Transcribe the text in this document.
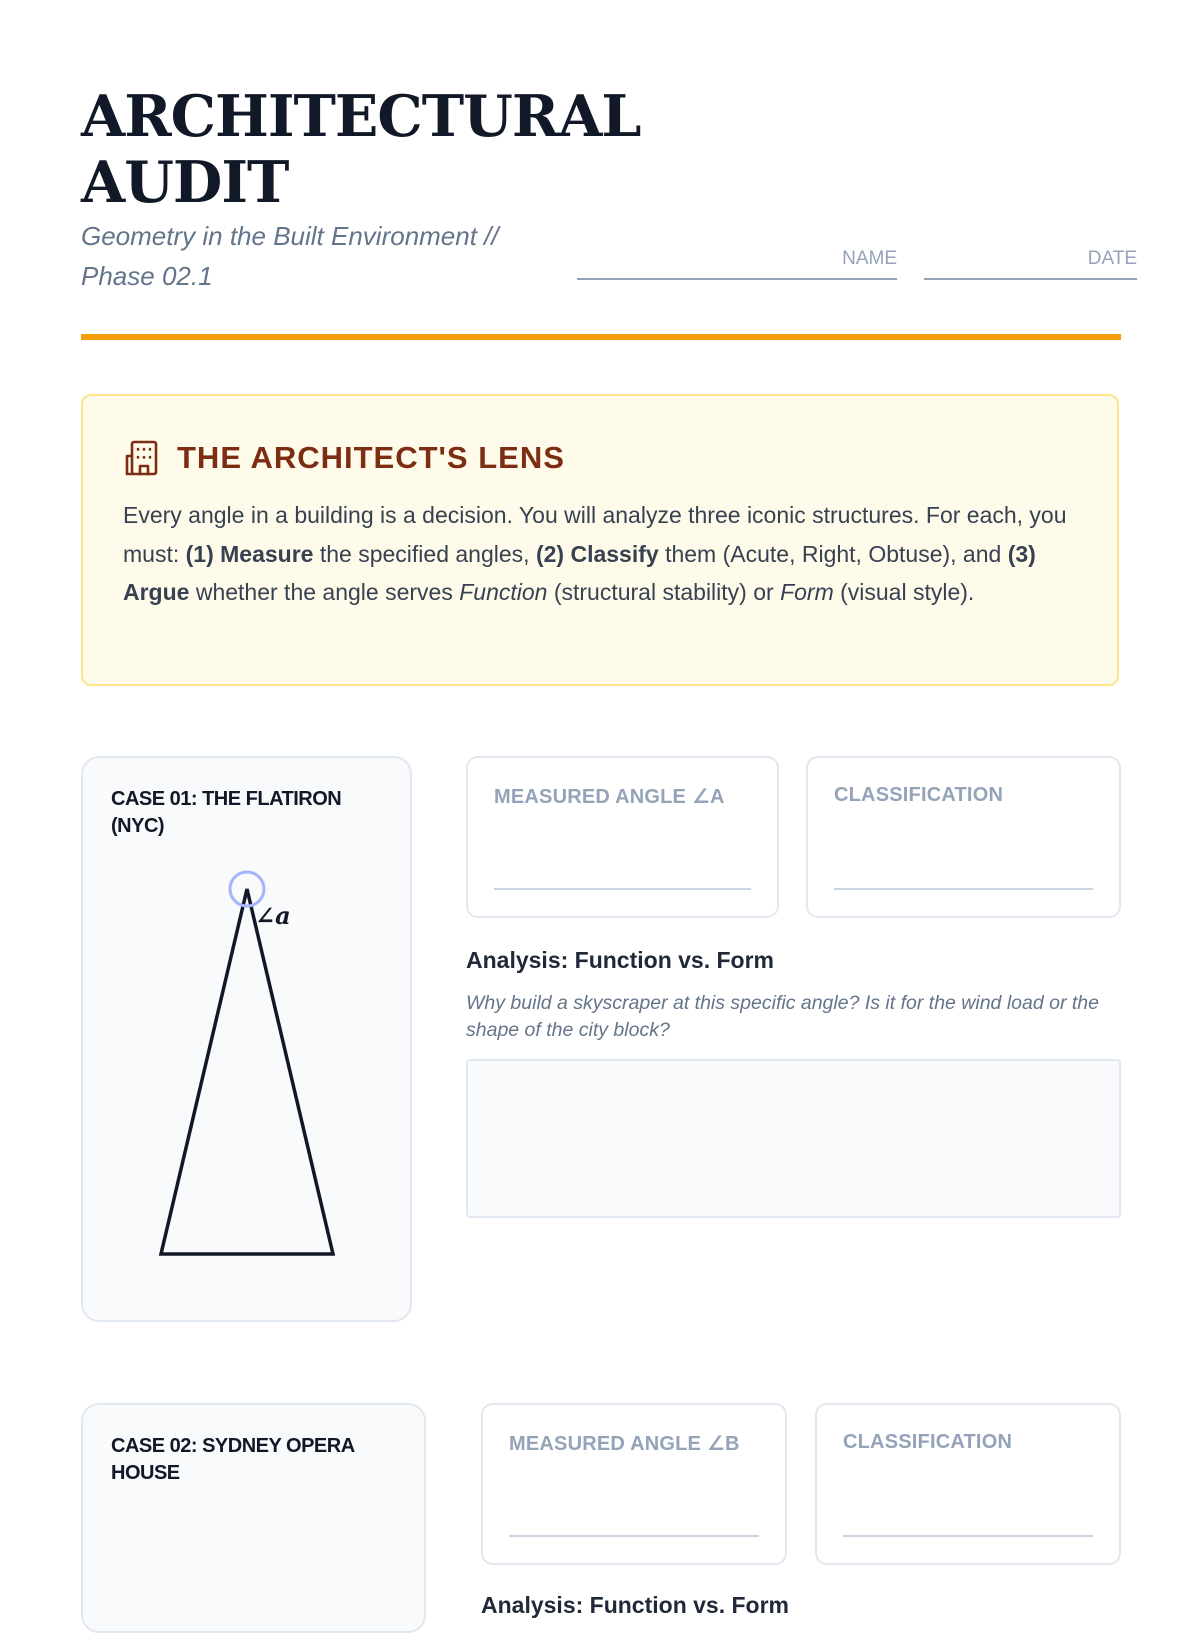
ARCHITECTURAL
AUDIT
Geometry in the Built Environment //
Phase 02.1
NAME	DATE
THE ARCHITECT'S LENS

Every angle in a building is a decision. You will analyze three iconic structures. For each, you must: (1) Measure the specified angles, (2) Classify them (Acute, Right, Obtuse), and (3) Argue whether the angle serves Function (structural stability) or Form (visual style).

CASE 01: THE FLATIRON (NYC)

∠a
MEASURED ANGLE ∠A	CLASSIFICATION
Analysis: Function vs. Form

Why build a skyscraper at this specific angle? Is it for the wind load or the shape of the city block?

CASE 02: SYDNEY OPERA HOUSE

MEASURED ANGLE ∠B	CLASSIFICATION
Analysis: Function vs. Form
